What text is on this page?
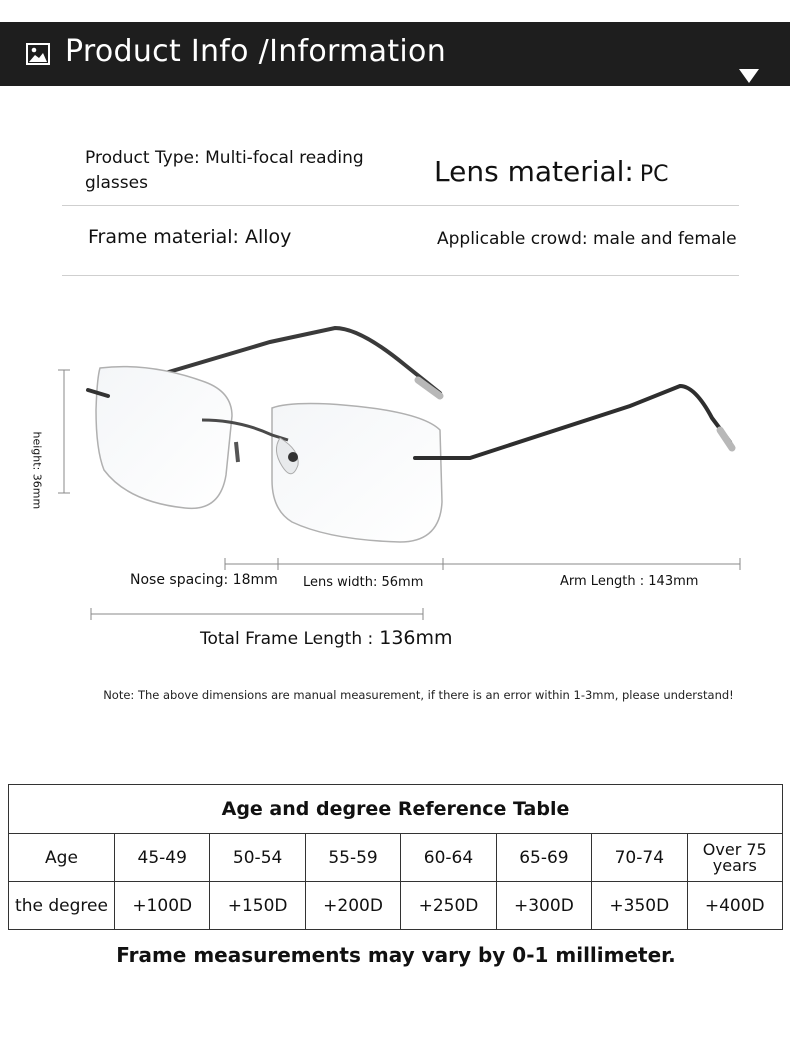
Product Info /Information
Product Type: Multi-focal reading glasses	Lens material: PC
Frame material: Alloy	Applicable crowd: male and female
height: 36mm
Nose spacing: 18mm Lens width: 56mm	Arm Length : 143mm
Total Frame Length : 136mm
Note: The above dimensions are manual measurement, if there is an error within 1-3mm, please understand!
Age and degree Reference Table							
Age	45-49	50-54	55-59	60-64	65-69	70-74	Over 75 years
the degree	+100D	+150D	+200D	+250D	+300D	+350D	+400D
Frame measurements may vary by 0-1 millimeter.
